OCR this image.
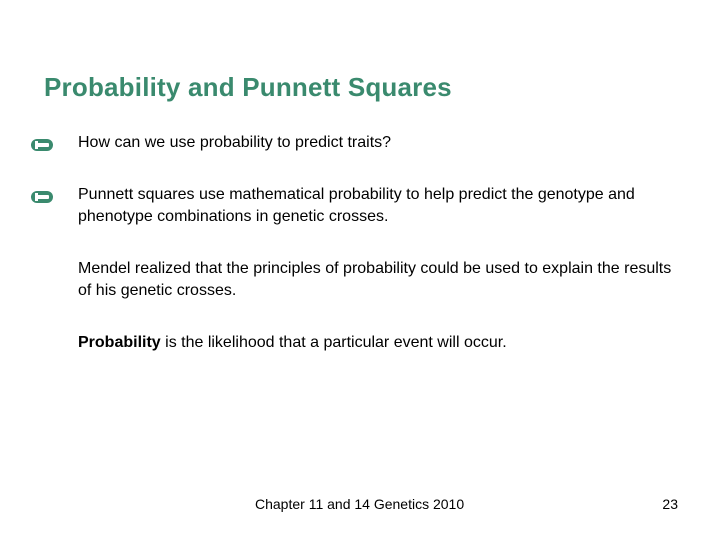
Probability and Punnett Squares

How can we use probability to predict traits?

Punnett squares use mathematical probability to help predict the genotype and phenotype combinations in genetic crosses.

Mendel realized that the principles of probability could be used to explain the results of his genetic crosses.

Probability is the likelihood that a particular event will occur.

Chapter 11 and 14 Genetics 2010	23
